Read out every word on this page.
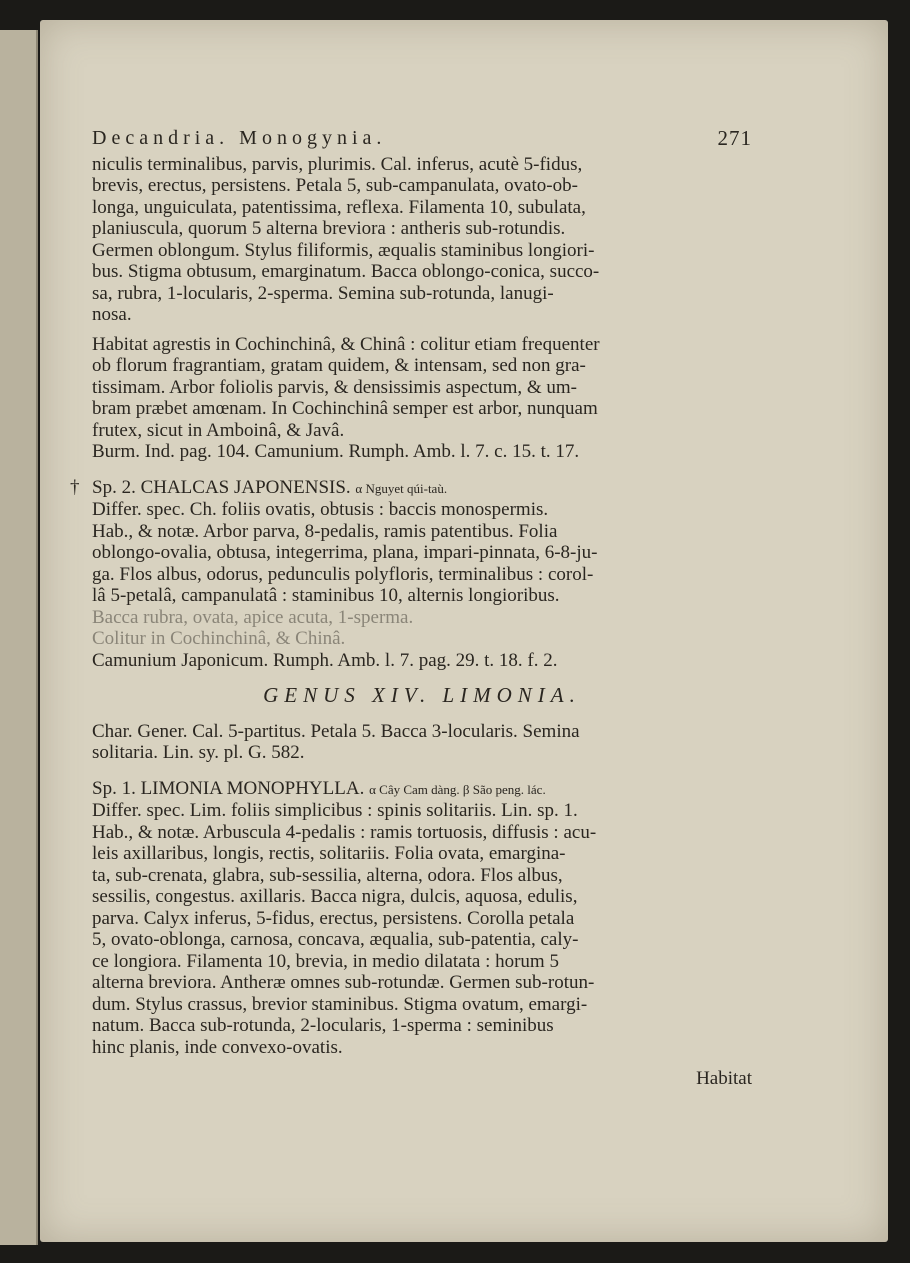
Decandria. Monogynia.	271

niculis terminalibus, parvis, plurimis. Cal. inferus, acutè 5-fidus,

brevis, erectus, persistens. Petala 5, sub-campanulata, ovato-ob-

longa, unguiculata, patentissima, reflexa. Filamenta 10, subulata,

planiuscula, quorum 5 alterna breviora : antheris sub-rotundis.

Germen oblongum. Stylus filiformis, æqualis staminibus longiori-

bus. Stigma obtusum, emarginatum. Bacca oblongo-conica, succo-

sa, rubra, 1-locularis, 2-sperma. Semina sub-rotunda, lanugi-

nosa.

Habitat agrestis in Cochinchinâ, & Chinâ : colitur etiam frequenter

ob florum fragrantiam, gratam quidem, & intensam, sed non gra-

tissimam. Arbor foliolis parvis, & densissimis aspectum, & um-

bram præbet amœnam. In Cochinchinâ semper est arbor, nunquam

frutex, sicut in Amboinâ, & Javâ.

Burm. Ind. pag. 104. Camunium. Rumph. Amb. l. 7. c. 15. t. 17.

† Sp. 2. CHALCAS JAPONENSIS. α Nguyet qúi-taù.

Differ. spec. Ch. foliis ovatis, obtusis : baccis monospermis.

Hab., & notæ. Arbor parva, 8-pedalis, ramis patentibus. Folia

oblongo-ovalia, obtusa, integerrima, plana, impari-pinnata, 6-8-ju-

ga. Flos albus, odorus, pedunculis polyfloris, terminalibus : corol-

lâ 5-petalâ, campanulatâ : staminibus 10, alternis longioribus.

Bacca rubra, ovata, apice acuta, 1-sperma.

Colitur in Cochinchinâ, & Chinâ.

Camunium Japonicum. Rumph. Amb. l. 7. pag. 29. t. 18. f. 2.

GENUS XIV. LIMONIA.

Char. Gener. Cal. 5-partitus. Petala 5. Bacca 3-locularis. Semina

solitaria. Lin. sy. pl. G. 582.

Sp. 1. LIMONIA MONOPHYLLA. α Cây Cam dàng. β São peng. lác.

Differ. spec. Lim. foliis simplicibus : spinis solitariis. Lin. sp. 1.

Hab., & notæ. Arbuscula 4-pedalis : ramis tortuosis, diffusis : acu-

leis axillaribus, longis, rectis, solitariis. Folia ovata, emargina-

ta, sub-crenata, glabra, sub-sessilia, alterna, odora. Flos albus,

sessilis, congestus. axillaris. Bacca nigra, dulcis, aquosa, edulis,

parva. Calyx inferus, 5-fidus, erectus, persistens. Corolla petala

5, ovato-oblonga, carnosa, concava, æqualia, sub-patentia, caly-

ce longiora. Filamenta 10, brevia, in medio dilatata : horum 5

alterna breviora. Antheræ omnes sub-rotundæ. Germen sub-rotun-

dum. Stylus crassus, brevior staminibus. Stigma ovatum, emargi-

natum. Bacca sub-rotunda, 2-locularis, 1-sperma : seminibus

hinc planis, inde convexo-ovatis.

Habitat
